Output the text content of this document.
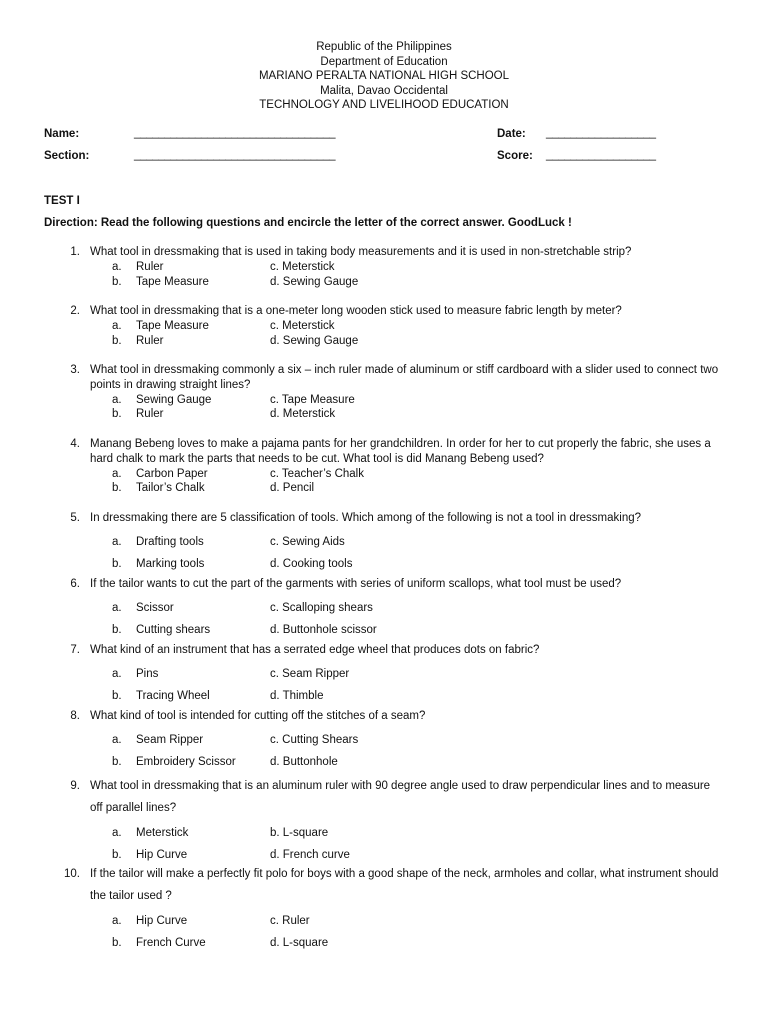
Republic of the Philippines
Department of Education
MARIANO PERALTA NATIONAL HIGH SCHOOL
Malita, Davao Occidental
TECHNOLOGY AND LIVELIHOOD EDUCATION
Name:	_________________________________	Date: __________________
Section:	_________________________________	Score: __________________
TEST I
Direction: Read the following questions and encircle the letter of the correct answer. GoodLuck !
1. What tool in dressmaking that is used in taking body measurements and it is used in non-stretchable strip?
a. Ruler	c. Meterstick
b. Tape Measure	d. Sewing Gauge
2. What tool in dressmaking that is a one-meter long wooden stick used to measure fabric length by meter?
a. Tape Measure	c. Meterstick
b. Ruler	d. Sewing Gauge
3. What tool in dressmaking commonly a six – inch ruler made of aluminum or stiff cardboard with a slider used to connect two points in drawing straight lines?
a. Sewing Gauge	c. Tape Measure
b. Ruler	d. Meterstick
4. Manang Bebeng loves to make a pajama pants for her grandchildren. In order for her to cut properly the fabric, she uses a hard chalk to mark the parts that needs to be cut. What tool is did Manang Bebeng used?
a. Carbon Paper	c. Teacher’s Chalk
b. Tailor’s Chalk	d. Pencil
5. In dressmaking there are 5 classification of tools. Which among of the following is not a tool in dressmaking?
a. Drafting tools	c. Sewing Aids
b. Marking tools	d. Cooking tools
6. If the tailor wants to cut the part of the garments with series of uniform scallops, what tool must be used?
a. Scissor	c. Scalloping shears
b. Cutting shears	d. Buttonhole scissor
7. What kind of an instrument that has a serrated edge wheel that produces dots on fabric?
a. Pins	c. Seam Ripper
b. Tracing Wheel	d. Thimble
8. What kind of tool is intended for cutting off the stitches of a seam?
a. Seam Ripper	c. Cutting Shears
b. Embroidery Scissor	d. Buttonhole
9. What tool in dressmaking that is an aluminum ruler with 90 degree angle used to draw perpendicular lines and to measure off parallel lines?
a. Meterstick	b. L-square
b. Hip Curve	d. French curve
10. If the tailor will make a perfectly fit polo for boys with a good shape of the neck, armholes and collar, what instrument should the tailor used ?
a. Hip Curve	c. Ruler
b. French Curve	d. L-square
